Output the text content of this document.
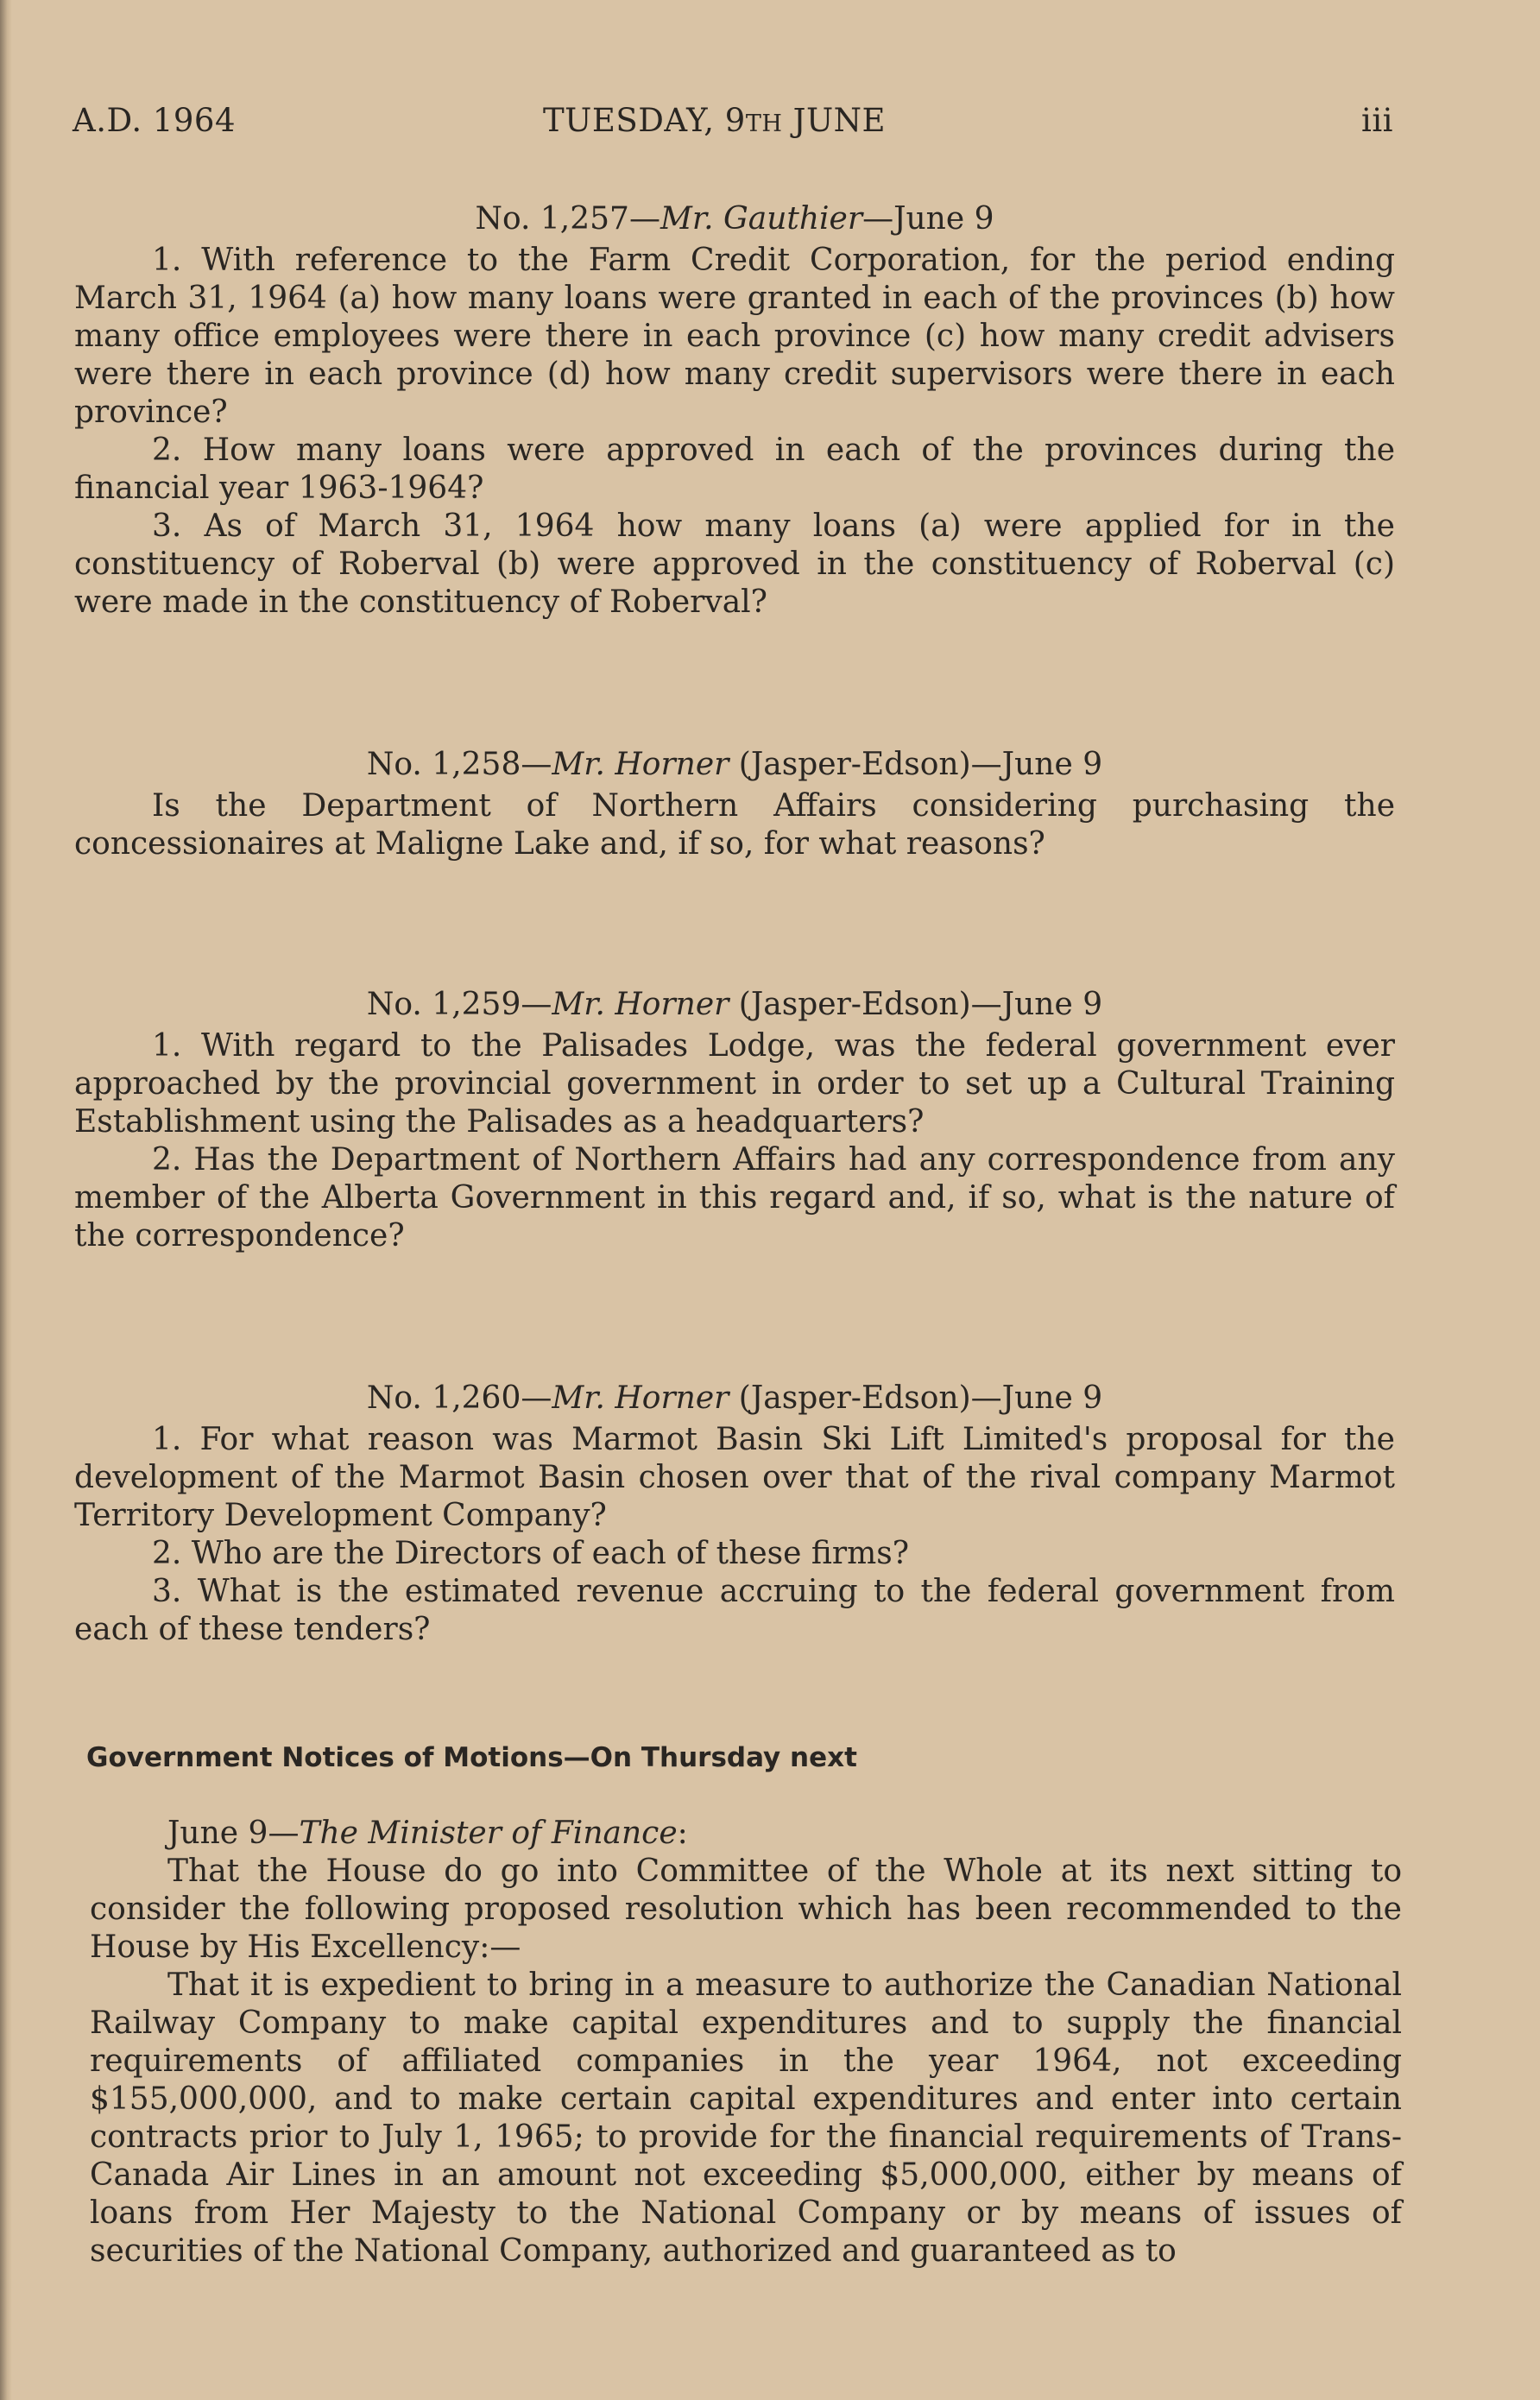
A.D. 1964	TUESDAY, 9TH JUNE	iii
No. 1,257—Mr. Gauthier—June 9

1. With reference to the Farm Credit Corporation, for the period ending March 31, 1964 (a) how many loans were granted in each of the provinces (b) how many office employees were there in each province (c) how many credit advisers were there in each province (d) how many credit supervisors were there in each province?

2. How many loans were approved in each of the provinces during the financial year 1963-1964?

3. As of March 31, 1964 how many loans (a) were applied for in the constituency of Roberval (b) were approved in the constituency of Roberval (c) were made in the constituency of Roberval?

No. 1,258—Mr. Horner (Jasper-Edson)—June 9

Is the Department of Northern Affairs considering purchasing the concessionaires at Maligne Lake and, if so, for what reasons?

No. 1,259—Mr. Horner (Jasper-Edson)—June 9

1. With regard to the Palisades Lodge, was the federal government ever approached by the provincial government in order to set up a Cultural Training Establishment using the Palisades as a headquarters?

2. Has the Department of Northern Affairs had any correspondence from any member of the Alberta Government in this regard and, if so, what is the nature of the correspondence?

No. 1,260—Mr. Horner (Jasper-Edson)—June 9

1. For what reason was Marmot Basin Ski Lift Limited's proposal for the development of the Marmot Basin chosen over that of the rival company Marmot Territory Development Company?

2. Who are the Directors of each of these firms?

3. What is the estimated revenue accruing to the federal government from each of these tenders?

Government Notices of Motions—On Thursday next

June 9—The Minister of Finance:

That the House do go into Committee of the Whole at its next sitting to consider the following proposed resolution which has been recommended to the House by His Excellency:—

That it is expedient to bring in a measure to authorize the Canadian National Railway Company to make capital expenditures and to supply the financial requirements of affiliated companies in the year 1964, not exceeding $155,000,000, and to make certain capital expenditures and enter into certain contracts prior to July 1, 1965; to provide for the financial requirements of Trans-Canada Air Lines in an amount not exceeding $5,000,000, either by means of loans from Her Majesty to the National Company or by means of issues of securities of the National Company, authorized and guaranteed as to
